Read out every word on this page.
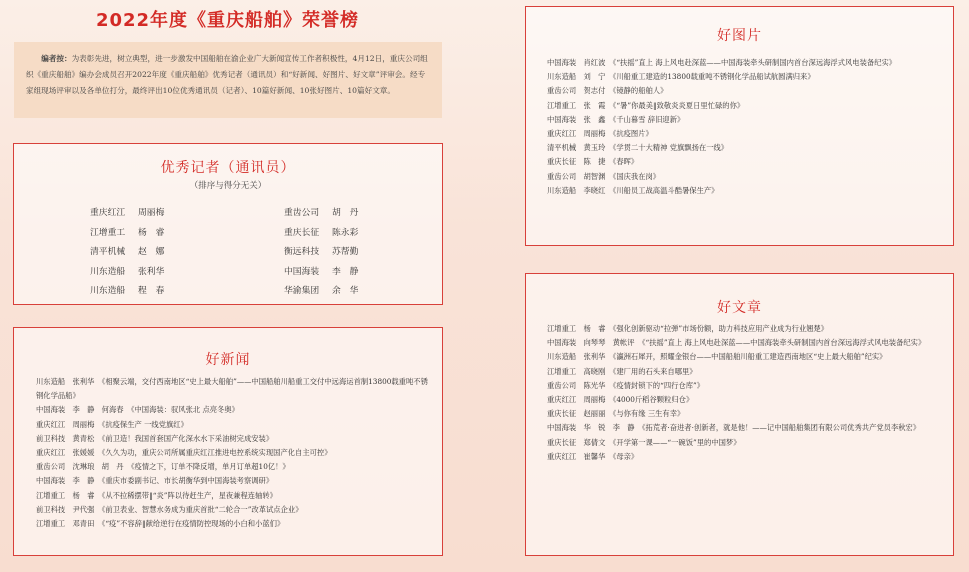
2022年度《重庆船舶》荣誉榜
编者按：为表彰先进，树立典型，进一步激发中国船舶在渝企业广大新闻宣传工作者积极性，4月12日，重庆公司组织《重庆船舶》编办会成员召开2022年度《重庆船舶》优秀记者（通讯员）和“好新闻、好图片、好文章”评审会。经专家组现场评审以及各单位打分，最终评出10位优秀通讯员（记者）、10篇好新闻、10张好图片、10篇好文章。
优秀记者（通讯员）
（排序与得分无关）
重庆红江 周丽梅
江增重工 杨　睿
清平机械 赵　娜
川东造船 张利华
川东造船 程　春
重齿公司 胡　丹
重庆长征 陈永彩
衡远科技 苏帮勤
中国海装 李　静
华渝集团 余　华
好新闻
川东造船　张利华　《相聚云端，交付西南地区“史上最大船舶”——中国船舶川船重工交付中远海运首制13800载重吨不锈钢化学品船》
中国海装　李　静　何海春　《中国海装：驭风张北 点亮冬奥》
重庆红江　周丽梅　《抗疫保生产 一线党旗红》
前卫科技　黄青松　《前卫造！我国首套国产化深水水下采油树完成安装》
重庆红江　张媛媛　《久久为功，重庆公司所属重庆红江推进电控系统实现国产化自主可控》
重齿公司　沈琳琅　胡　丹　《疫情之下，订单不降反增，单月订单超10亿！》
中国海装　李　静　《重庆市委副书记、市长胡衡华到中国海装考察调研》
江增重工　杨　睿　《从不拉稀摆带‖“炎”阵以待赶生产，星夜兼程连轴转》
前卫科技　尹代强　《前卫表业、智慧水务成为重庆首批“二轮合一”改革试点企业》
江增重工　邓青田　《“疫”不容辞‖献给逆行在疫情防控现场的小白和小蓝们》
好图片
中国海装　肖红波　《“扶摇”直上 海上风电赴深蓝——中国海装牵头研制国内首台深远海浮式风电装备纪实》
川东造船　刘　宁　《川船重工建造的13800载重吨不锈钢化学品船试航圆满归来》
重齿公司　贺志付　《镜静的船舶人》
江增重工　张　霞　《“暑”你最美‖致敬炎炎夏日里忙碌的你》
中国海装　张　鑫　《千山暮雪 辞旧迎新》
重庆红江　周丽梅　《抗疫图片》
清平机械　黄玉玲　《学贯二十大精神 党旗飘扬在一线》
重庆长征　陈　捷　《春晖》
重齿公司　胡智渊　《国庆我在岗》
川东造船　李晓红　《川船员工战高温斗酷暑保生产》
好文章
江增重工　杨　睿　《强化创新驱动“拉弹”市场份额，助力科技应用产业成为行业翘楚》
中国海装　向琴琴　黄帐评　《“扶摇”直上 海上风电赴深蓝——中国海装牵头研制国内首台深远海浮式风电装备纪实》
川东造船　张利华　《瀛洲石犀开，照耀金银台——中国船舶川船重工建造西南地区“史上最大船舶”纪实》
江增重工　高晓刚　《建厂用的石头来自哪里》
重齿公司　陈光华　《疫情封锁下的“四行仓库”》
重庆红江　周丽梅　《4000斤稻谷颗粒归仓》
重庆长征　赵丽丽　《与你有缘 三生有幸》
中国海装　华　锐　李　静　《拓荒者·奋进者·创新者，就是他！——记中国船舶集团有限公司优秀共产党员李秋宏》
重庆长征　郑倩文　《开学第一课——“一碗饭”里的中国梦》
重庆红江　崔馨华　《母亲》
